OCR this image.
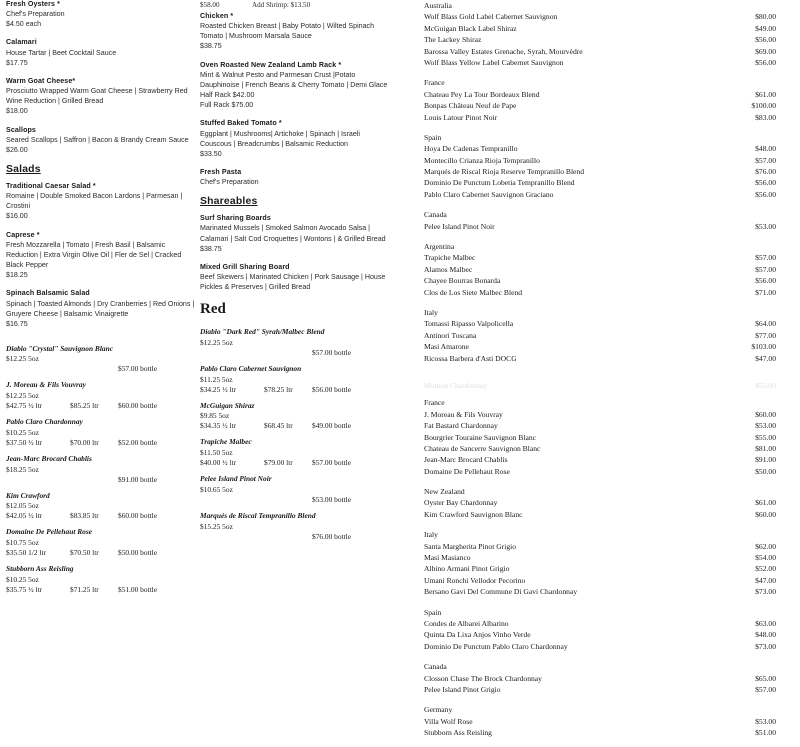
Fresh Oysters *
Chef's Preparation
$4.50 each
Calamari
House Tartar | Beet Cocktail Sauce
$17.75
Warm Goat Cheese*
Prosciutto Wrapped Warm Goat Cheese | Strawberry Red Wine Reduction | Grilled Bread
$18.00
Scallops
Seared Scallops | Saffron | Bacon & Brandy Cream Sauce
$26.00
Salads
Traditional Caesar Salad *
Romaine | Double Smoked Bacon Lardons | Parmesan | Crostini
$16.00
Caprese *
Fresh Mozzarella | Tomato | Fresh Basil | Balsamic Reduction | Extra Virgin Olive Oil | Fler de Sel | Cracked Black Pepper
$18.25
Spinach Balsamic Salad
Spinach | Toasted Almonds | Dry Cranberries | Red Onions | Gruyere Cheese | Balsamic Vinaigrette
$16.75
Diablo "Crystal" Sauvignon Blanc
$12.25 5oz
$57.00 bottle
J. Moreau & Fils Vouvray
$12.25 5oz
$42.75 ½ ltr	$85.25 ltr	$60.00 bottle
Pablo Claro Chardonnay
$10.25 5oz
$37.50 ½ ltr	$70.00 ltr	$52.00 bottle
Jean-Marc Brocard Chablis
$18.25 5oz
$91.00 bottle
Kim Crawford
$12.05 5oz
$42.05 ½ ltr	$83.85 ltr	$60.00 bottle
Domaine De Pellehaut Rose
$10.75 5oz
$35.50 1/2 ltr	$70.50 ltr	$50.00 bottle
Stubborn Ass Reisling
$10.25 5oz
$35.75 ½ ltr	$71.25 ltr	$51.00 bottle
$58.00	Add Shrimp: $13.50
Chicken *
Roasted Chicken Breast | Baby Potato | Wilted Spinach Tomato | Mushroom Marsala Sauce
$38.75
Oven Roasted New Zealand Lamb Rack *
Mint & Walnut Pesto and Parmesan Crust |Potato Dauphinoise | French Beans & Cherry Tomato | Demi Glace
Half Rack $42.00
Full Rack $75.00
Stuffed Baked Tomato *
Eggplant | Mushrooms| Artichoke | Spinach | Israeli Couscous | Breadcrumbs | Balsamic Reduction
$33.50
Fresh Pasta
Chef's Preparation
Shareables
Surf Sharing Boards
Marinated Mussels | Smoked Salmon Avocado Salsa | Calamari | Salt Cod Croquettes | Wontons | & Grilled Bread $38.75
Mixed Grill Sharing Board
Beef Skewers | Marinated Chicken | Pork Sausage | House Pickles & Preserves | Grilled Bread
Red
Diablo "Dark Red" Syrah/Malbec Blend
$12.25 5oz
$57.00 bottle
Pablo Claro Cabernet Sauvignon
$11.25 5oz
$34.25 ½ ltr	$78.25 ltr	$56.00 bottle
McGuigan Shiraz
$9.85 5oz
$34.35 ½ ltr	$68.45 ltr	$49.00 bottle
Trapiche Malbec
$11.50 5oz
$40.00 ½ ltr	$79.00 ltr	$57.00 bottle
Pelee Island Pinot Noir
$10.65 5oz
$53.00 bottle
Marqués de Riscal Tempranillo Blend
$15.25 5oz
$76.00 bottle
Australia
Wolf Blass Gold Label Cabernet Sauvignon	$80.00
McGuigan Black Label Shiraz	$49.00
The Lackey Shiraz	$56.00
Barossa Valley Estates Grenache, Syrah, Mourvèdre	$69.00
Wolf Blass Yellow Label Cabernet Sauvignon	$56.00
France
Chateau Pey La Tour Bordeaux Blend	$61.00
Bonpas Château Neuf de Pape	$100.00
Louis Latour Pinot Noir	$83.00
Spain
Hoya De Cadenas Tempranillo	$48.00
Montecillo Crianza Rioja Tempranillo	$57.00
Marqués de Riscal Rioja Reserve Tempranillo Blend	$76.00
Dominio De Punctum Lobetia Tempranillo Blend	$56.00
Pablo Claro Cabernet Sauvignon Graciano	$56.00
Canada
Pelee Island Pinot Noir	$53.00
Argentina
Trapiche Malbec	$57.00
Alamos Malbec	$57.00
Chayee Bourras Bonarda	$56.00
Clos de Los Siete Malbec Blend	$71.00
Italy
Tomassi Ripasso Valpolicella	$64.00
Antinori Toscana	$77.00
Masi Amarone	$103.00
Ricossa Barbera d'Asti DOCG	$47.00
Mouton Chardonnay	$55.00
France
J. Moreau & Fils Vouvray	$60.00
Fat Bastard Chardonnay	$53.00
Bourgrier Touraine Sauvignon Blanc	$55.00
Chateau de Sancerre Sauvignon Blanc	$81.00
Jean-Marc Brocard Chablis	$91.00
Domaine De Pellehaut Rose	$50.00
New Zealand
Oyster Bay Chardonnay	$61.00
Kim Crawford Sauvignon Blanc	$60.00
Italy
Santa Margherita Pinot Grigio	$62.00
Masi Masianco	$54.00
Albino Armani Pinot Grigio	$52.00
Umani Ronchi Vellodor Pecorino	$47.00
Bersano Gavi Del Commune Di Gavi Chardonnay	$73.00
Spain
Condes de Albarei Albarino	$63.00
Quinta Da Lixa Anjos Vinho Verde	$48.00
Dominio De Punctum Pablo Claro Chardonnay	$73.00
Canada
Closson Chase The Brock Chardonnay	$65.00
Pelee Island Pinot Grigio	$57.00
Germany
Villa Wolf Rose	$53.00
Stubborn Ass Reisling	$51.00
